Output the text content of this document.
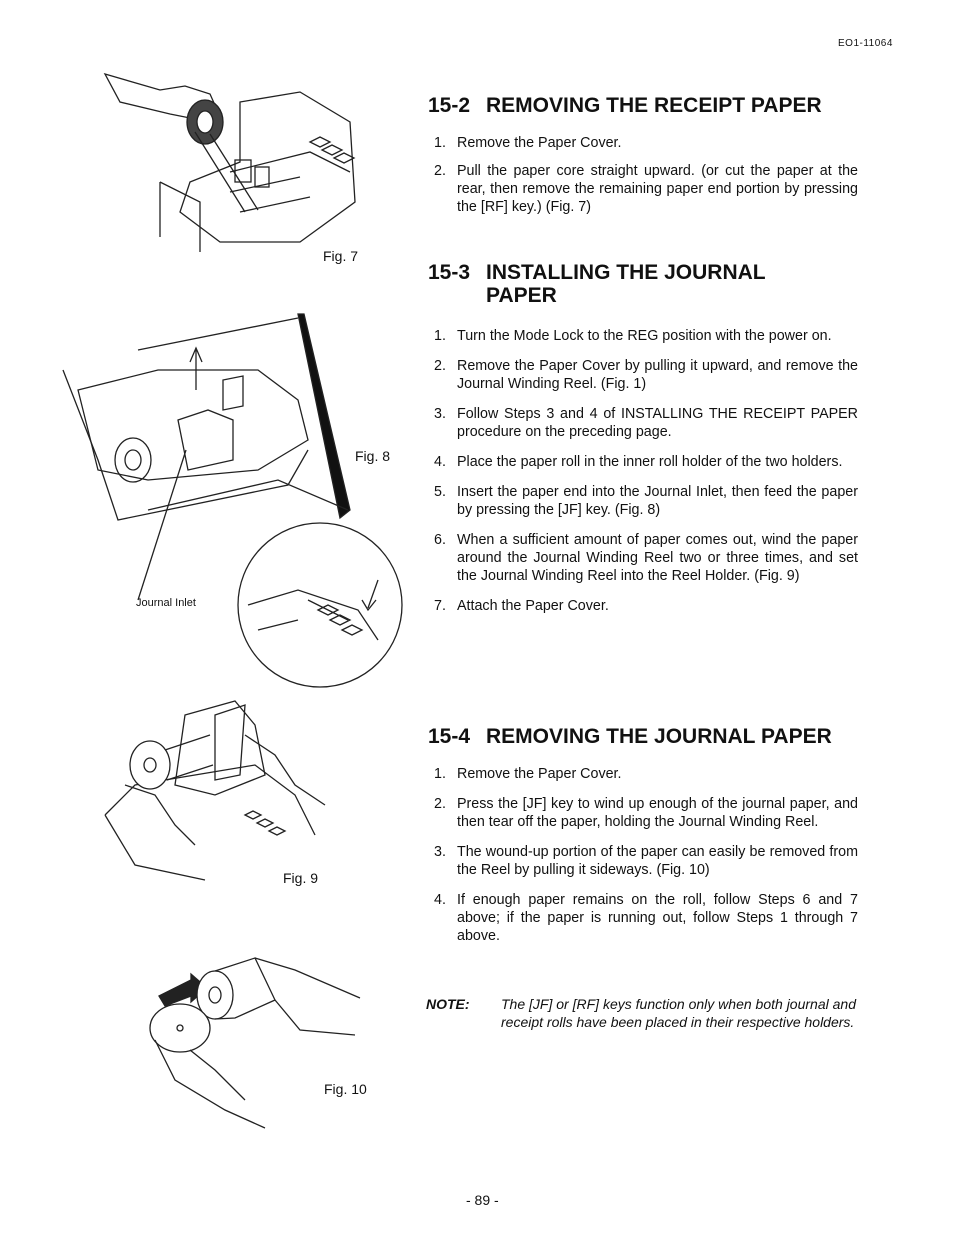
EO1-11064
Fig. 7
Fig. 8
Journal Inlet
Fig. 9
Fig. 10
15-2 REMOVING THE RECEIPT PAPER
1. Remove the Paper Cover.
2. Pull the paper core straight upward. (or cut the paper at the rear, then remove the remaining paper end portion by pressing the [RF] key.) (Fig. 7)
15-3 INSTALLING THE JOURNAL
PAPER
1. Turn the Mode Lock to the REG position with the power on.
2. Remove the Paper Cover by pulling it upward, and remove the Journal Winding Reel. (Fig. 1)
3. Follow Steps 3 and 4 of INSTALLING THE RECEIPT PAPER procedure on the preceding page.
4. Place the paper roll in the inner roll holder of the two holders.
5. Insert the paper end into the Journal Inlet, then feed the paper by pressing the [JF] key. (Fig. 8)
6. When a sufficient amount of paper comes out, wind the paper around the Journal Winding Reel two or three times, and set the Journal Winding Reel into the Reel Holder. (Fig. 9)
7. Attach the Paper Cover.
15-4 REMOVING THE JOURNAL PAPER
1. Remove the Paper Cover.
2. Press the [JF] key to wind up enough of the journal paper, and then tear off the paper, holding the Journal Winding Reel.
3. The wound-up portion of the paper can easily be removed from the Reel by pulling it sideways. (Fig. 10)
4. If enough paper remains on the roll, follow Steps 6 and 7 above; if the paper is running out, follow Steps 1 through 7 above.
NOTE: The [JF] or [RF] keys function only when both journal and receipt rolls have been placed in their respective holders.
- 89 -
